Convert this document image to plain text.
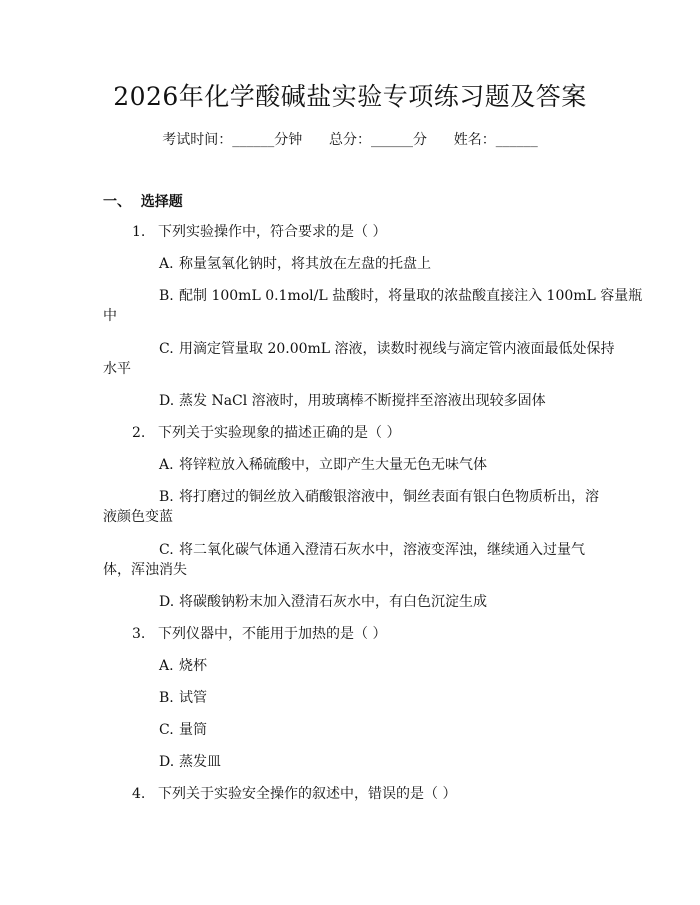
2026年化学酸碱盐实验专项练习题及答案
考试时间：______分钟      总分：______分      姓名：______
一、  选择题
1. 下列实验操作中，符合要求的是（ ）
A. 称量氢氧化钠时，将其放在左盘的托盘上
B. 配制 100mL 0.1mol/L 盐酸时，将量取的浓盐酸直接注入 100mL 容量瓶
中
C. 用滴定管量取 20.00mL 溶液，读数时视线与滴定管内液面最低处保持
水平
D. 蒸发 NaCl 溶液时，用玻璃棒不断搅拌至溶液出现较多固体
2. 下列关于实验现象的描述正确的是（ ）
A. 将锌粒放入稀硫酸中，立即产生大量无色无味气体
B. 将打磨过的铜丝放入硝酸银溶液中，铜丝表面有银白色物质析出，溶
液颜色变蓝
C. 将二氧化碳气体通入澄清石灰水中，溶液变浑浊，继续通入过量气
体，浑浊消失
D. 将碳酸钠粉末加入澄清石灰水中，有白色沉淀生成
3. 下列仪器中，不能用于加热的是（ ）
A. 烧杯
B. 试管
C. 量筒
D. 蒸发皿
4. 下列关于实验安全操作的叙述中，错误的是（ ）
